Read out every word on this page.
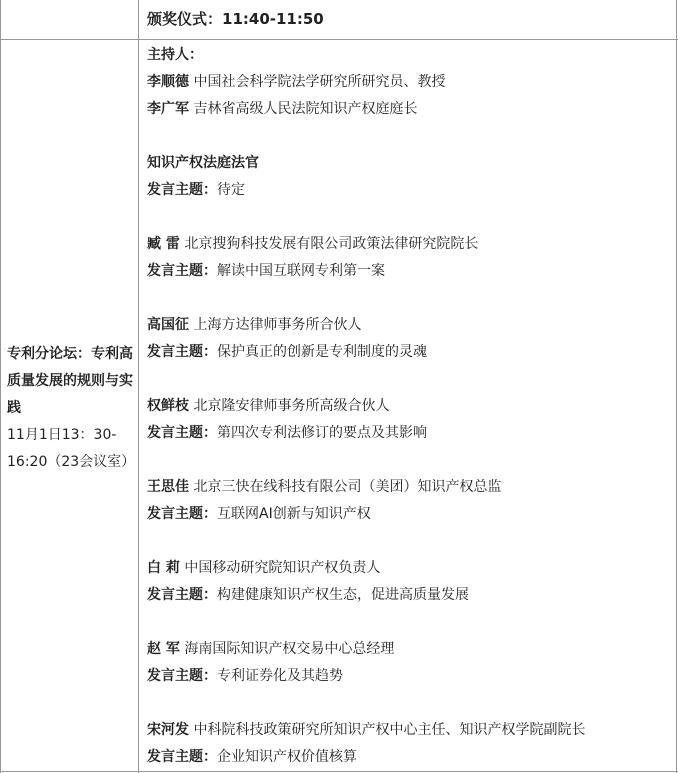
颁奖仪式：11:40-11:50
专利分论坛：专利高质量发展的规则与实践
11月1日13：30-16:20（23会议室）
主持人：
李顺德 中国社会科学院法学研究所研究员、教授
李广军 吉林省高级人民法院知识产权庭庭长
知识产权法庭法官
发言主题：待定
臧 雷 北京搜狗科技发展有限公司政策法律研究院院长
发言主题：解读中国互联网专利第一案
高国征 上海方达律师事务所合伙人
发言主题：保护真正的创新是专利制度的灵魂
权鲜枝 北京隆安律师事务所高级合伙人
发言主题：第四次专利法修订的要点及其影响
王思佳 北京三快在线科技有限公司（美团）知识产权总监
发言主题：互联网AI创新与知识产权
白 莉 中国移动研究院知识产权负责人
发言主题：构建健康知识产权生态，促进高质量发展
赵 军 海南国际知识产权交易中心总经理
发言主题：专利证券化及其趋势
宋河发 中科院科技政策研究所知识产权中心主任、知识产权学院副院长
发言主题：企业知识产权价值核算
